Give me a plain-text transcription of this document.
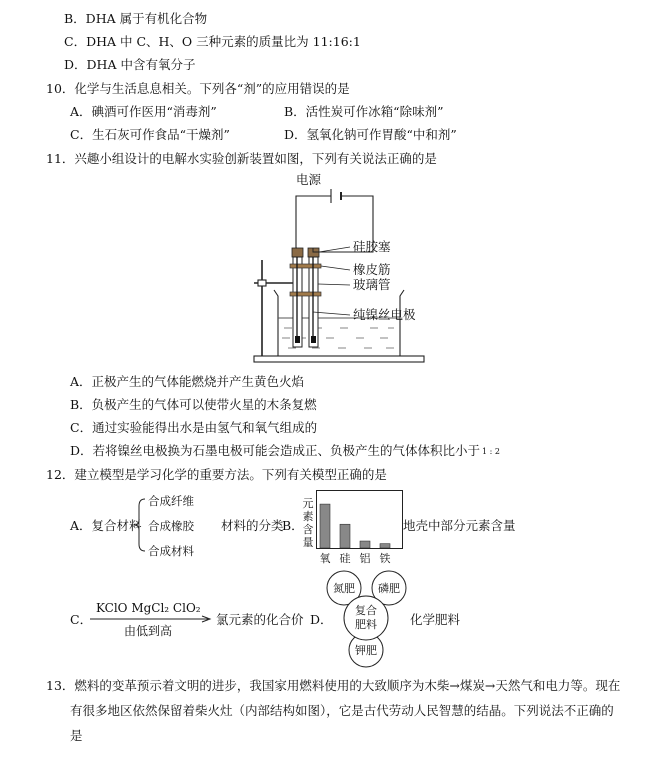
B．DHA 属于有机化合物
C．DHA 中 C、H、O 三种元素的质量比为 11:16:1
D．DHA 中含有氧分子
10．化学与生活息息相关。下列各“剂”的应用错误的是
A．碘酒可作医用“消毒剂”	B．活性炭可作冰箱“除味剂”
C．生石灰可作食品“干燥剂”	D．氢氧化钠可作胃酸“中和剂”
11．兴趣小组设计的电解水实验创新装置如图，下列有关说法正确的是
电源
硅胶塞
橡皮筋
玻璃管
纯镍丝电极
A．正极产生的气体能燃烧并产生黄色火焰
B．负极产生的气体可以使带火星的木条复燃
C．通过实验能得出水是由氢气和氧气组成的
D．若将镍丝电极换为石墨电极可能会造成正、负极产生的气体体积比小于 1 : 2
12．建立模型是学习化学的重要方法。下列有关模型正确的是
A．复合材料
合成纤维
合成橡胶
合成材料
材料的分类
B．
元
素
含
量
氧 硅 铝 铁
地壳中部分元素含量
C．
KClO MgCl₂ ClO₂
由低到高
氯元素的化合价 D．
氮肥 磷肥
钾肥
复合
肥料	化学肥料
13．燃料的变革预示着文明的进步，我国家用燃料使用的大致顺序为木柴→煤炭→天然气和电力等。现在
有很多地区依然保留着柴火灶（内部结构如图），它是古代劳动人民智慧的结晶。下列说法不正确的
是
